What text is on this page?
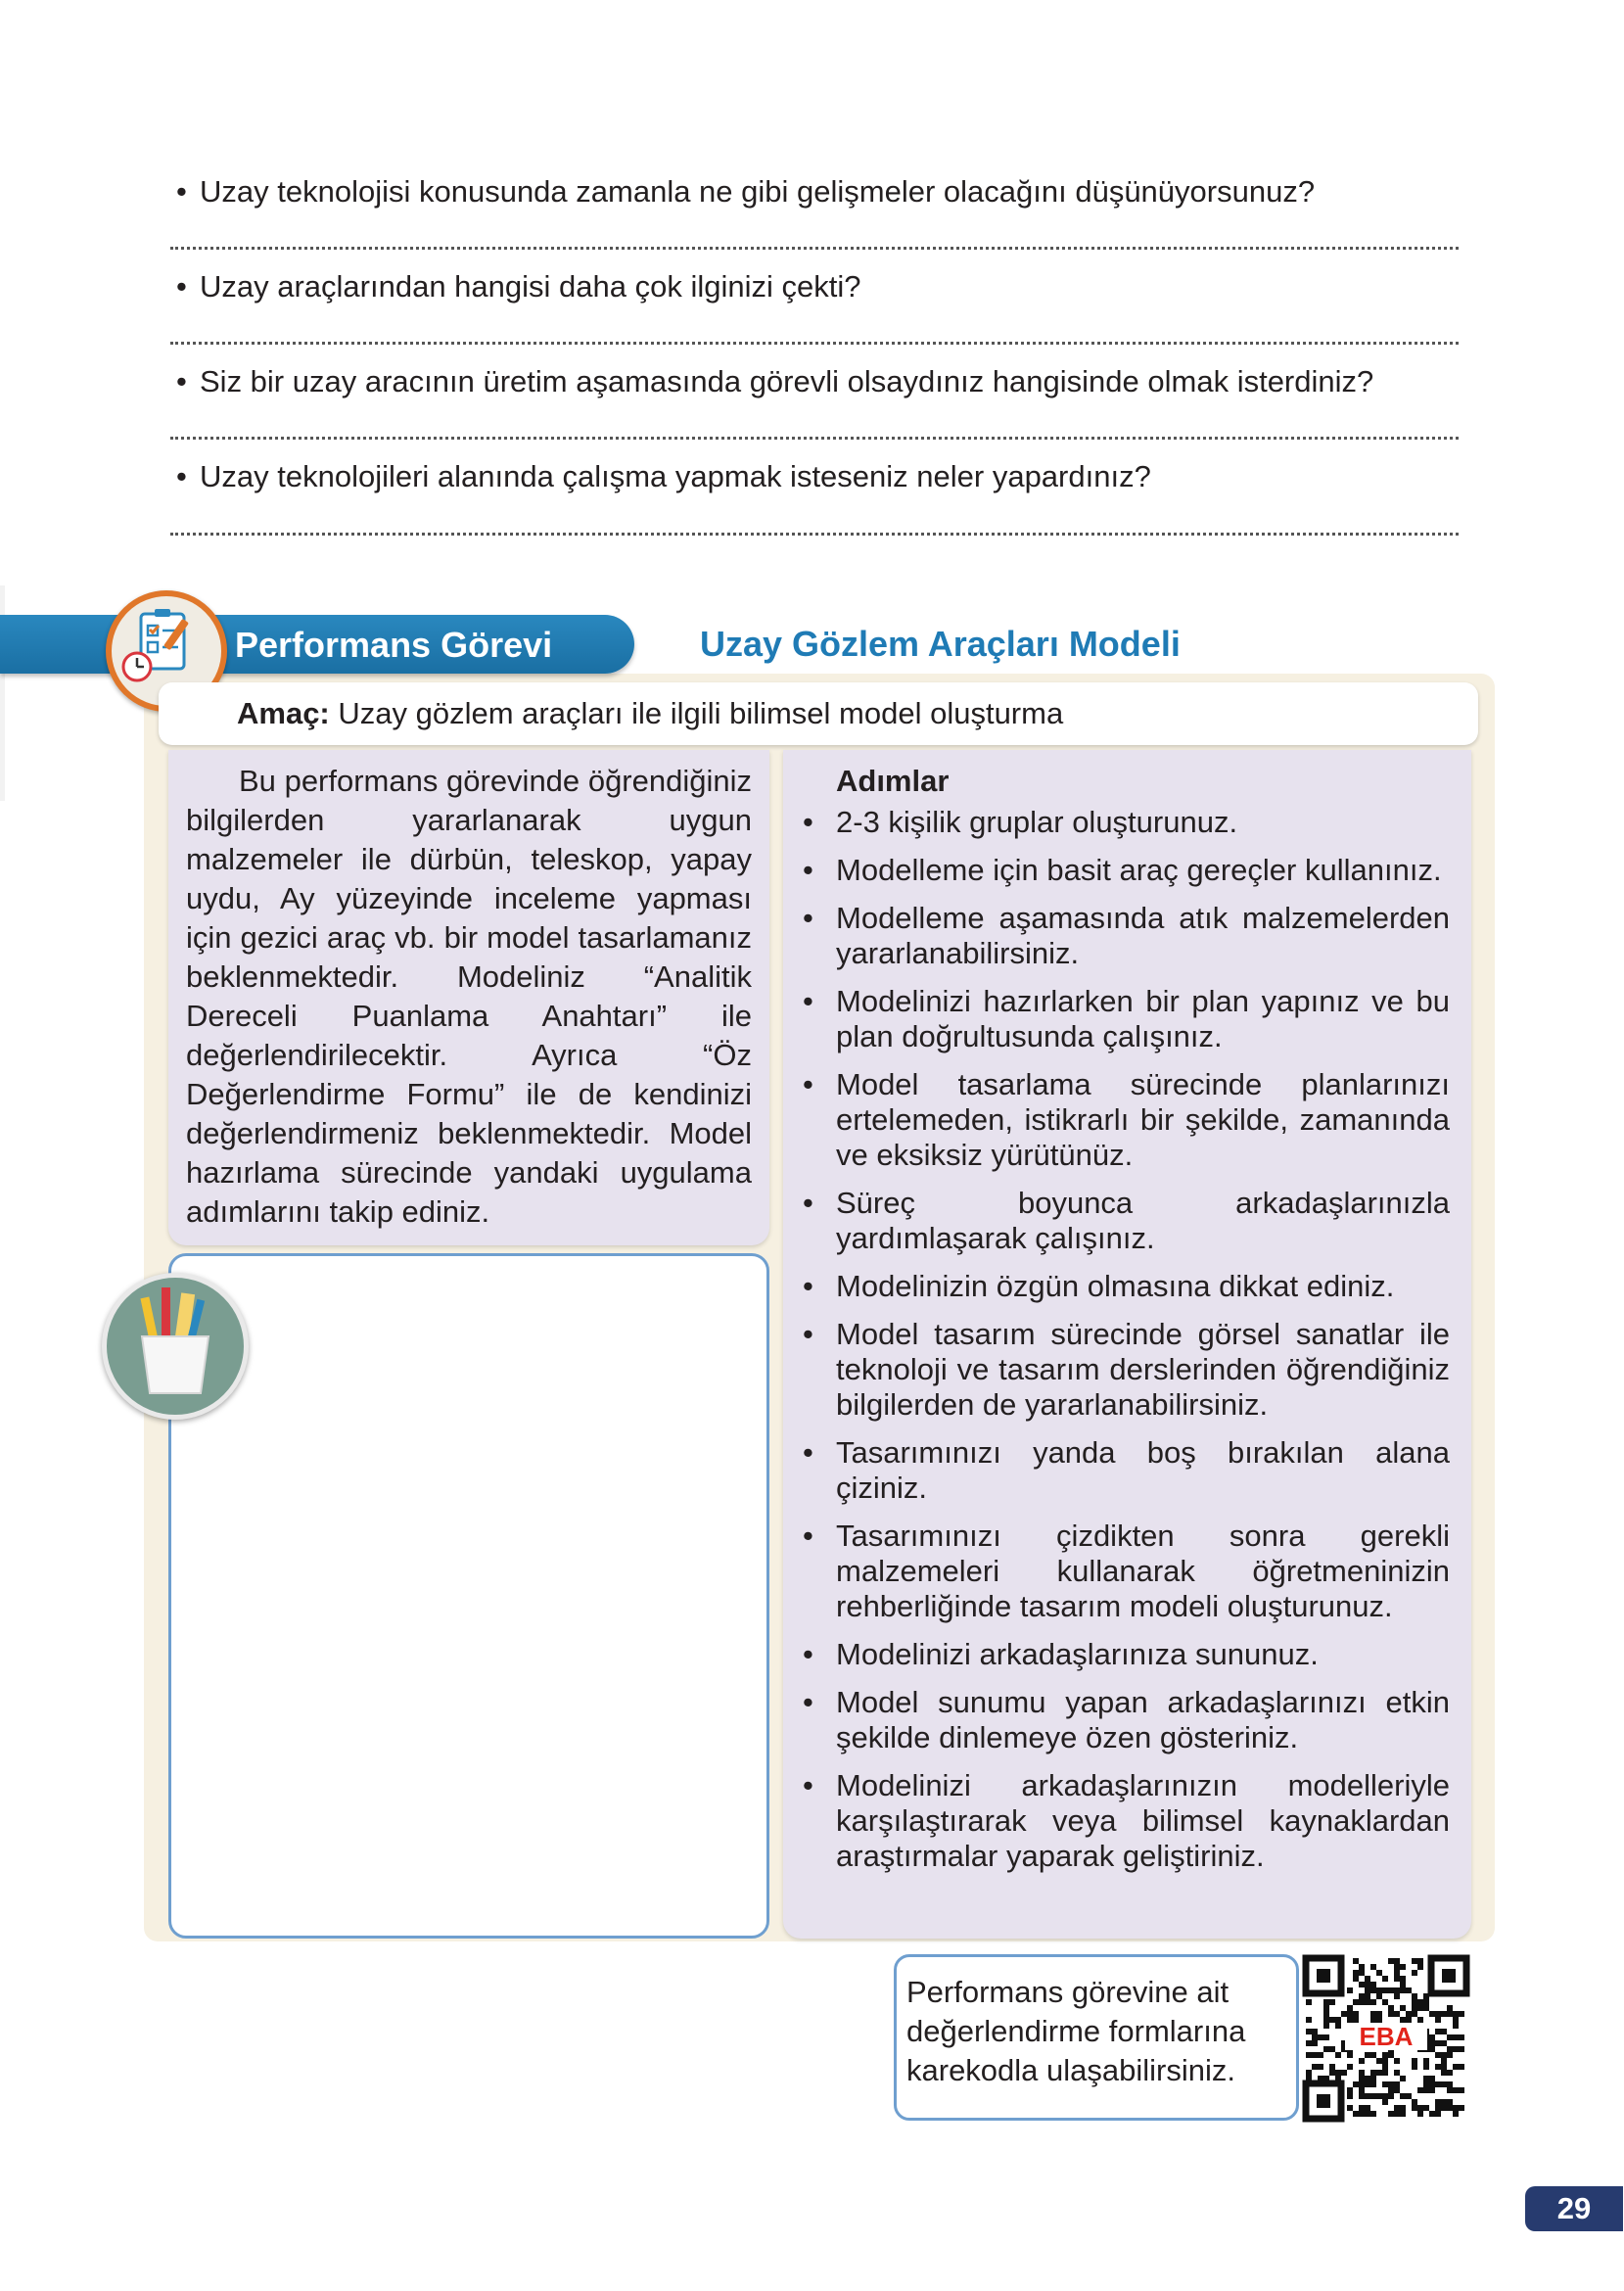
• Uzay teknolojisi konusunda zamanla ne gibi gelişmeler olacağını düşünüyorsunuz?
• Uzay araçlarından hangisi daha çok ilginizi çekti?
• Siz bir uzay aracının üretim aşamasında görevli olsaydınız hangisinde olmak isterdiniz?
• Uzay teknolojileri alanında çalışma yapmak isteseniz neler yapardınız?
Performans Görevi	Uzay Gözlem Araçları Modeli
Amaç: Uzay gözlem araçları ile ilgili bilimsel model oluşturma

Bu performans görevinde öğrendiğiniz bilgilerden yararlanarak uygun malzemeler ile dürbün, teleskop, yapay uydu, Ay yüzeyinde inceleme yapması için gezici araç vb. bir model tasarlamanız beklenmektedir. Modeliniz “Analitik Dereceli Puanlama Anahtarı” ile değerlendirilecektir. Ayrıca “Öz Değerlendirme Formu” ile de kendinizi değerlendirmeniz beklenmektedir. Model hazırlama sürecinde yandaki uygulama adımlarını takip ediniz.

Adımlar
• 2-3 kişilik gruplar oluşturunuz.
• Modelleme için basit araç gereçler kullanınız.
• Modelleme aşamasında atık malzemelerden yararlanabilirsiniz.
• Modelinizi hazırlarken bir plan yapınız ve bu plan doğrultusunda çalışınız.
• Model tasarlama sürecinde planlarınızı ertelemeden, istikrarlı bir şekilde, zamanında ve eksiksiz yürütünüz.
• Süreç boyunca arkadaşlarınızla yardımlaşarak çalışınız.
• Modelinizin özgün olmasına dikkat ediniz.
• Model tasarım sürecinde görsel sanatlar ile teknoloji ve tasarım derslerinden öğrendiğiniz bilgilerden de yararlanabilirsiniz.
• Tasarımınızı yanda boş bırakılan alana çiziniz.
• Tasarımınızı çizdikten sonra gerekli malzemeleri kullanarak öğretmeninizin rehberliğinde tasarım modeli oluşturunuz.
• Modelinizi arkadaşlarınıza sununuz.
• Model sunumu yapan arkadaşlarınızı etkin şekilde dinlemeye özen gösteriniz.
• Modelinizi arkadaşlarınızın modelleriyle karşılaştırarak veya bilimsel kaynaklardan araştırmalar yaparak geliştiriniz.
Performans görevine ait değerlendirme formlarına karekodla ulaşabilirsiniz.
EBA
29
